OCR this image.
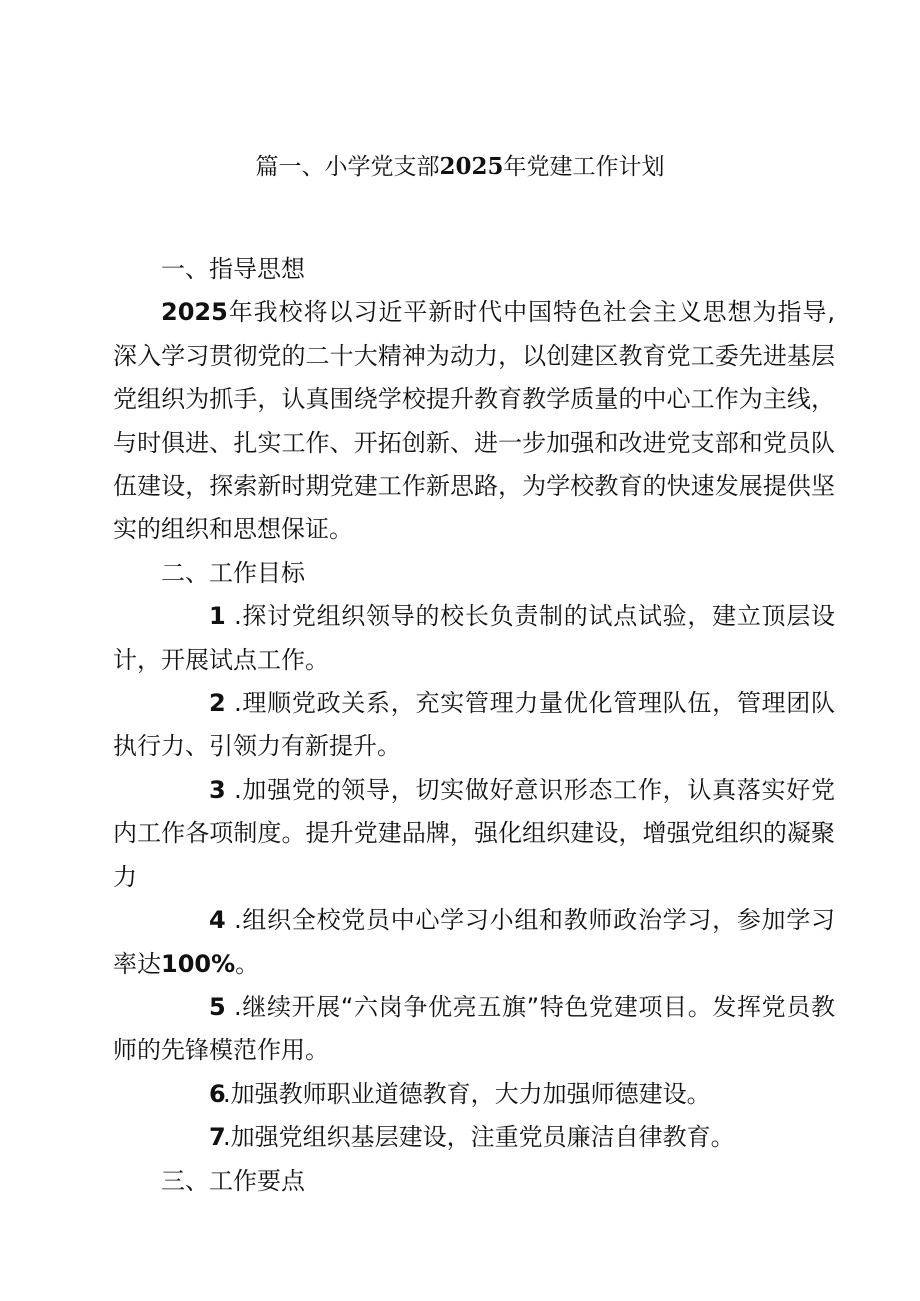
篇一、小学党支部2025年党建工作计划

一、指导思想

2025年我校将以习近平新时代中国特色社会主义思想为指导,深入学习贯彻党的二十大精神为动力，以创建区教育党工委先进基层党组织为抓手，认真围绕学校提升教育教学质量的中心工作为主线，与时俱进、扎实工作、开拓创新、进一步加强和改进党支部和党员队伍建设，探索新时期党建工作新思路，为学校教育的快速发展提供坚实的组织和思想保证。

二、工作目标

1 .探讨党组织领导的校长负责制的试点试验，建立顶层设计，开展试点工作。

2 .理顺党政关系，充实管理力量优化管理队伍，管理团队执行力、引领力有新提升。

3 .加强党的领导，切实做好意识形态工作，认真落实好党内工作各项制度。提升党建品牌，强化组织建设，增强党组织的凝聚力

4 .组织全校党员中心学习小组和教师政治学习，参加学习率达100%。

5 .继续开展“六岗争优亮五旗”特色党建项目。发挥党员教师的先锋模范作用。

6.加强教师职业道德教育，大力加强师德建设。

7.加强党组织基层建设，注重党员廉洁自律教育。

三、工作要点
